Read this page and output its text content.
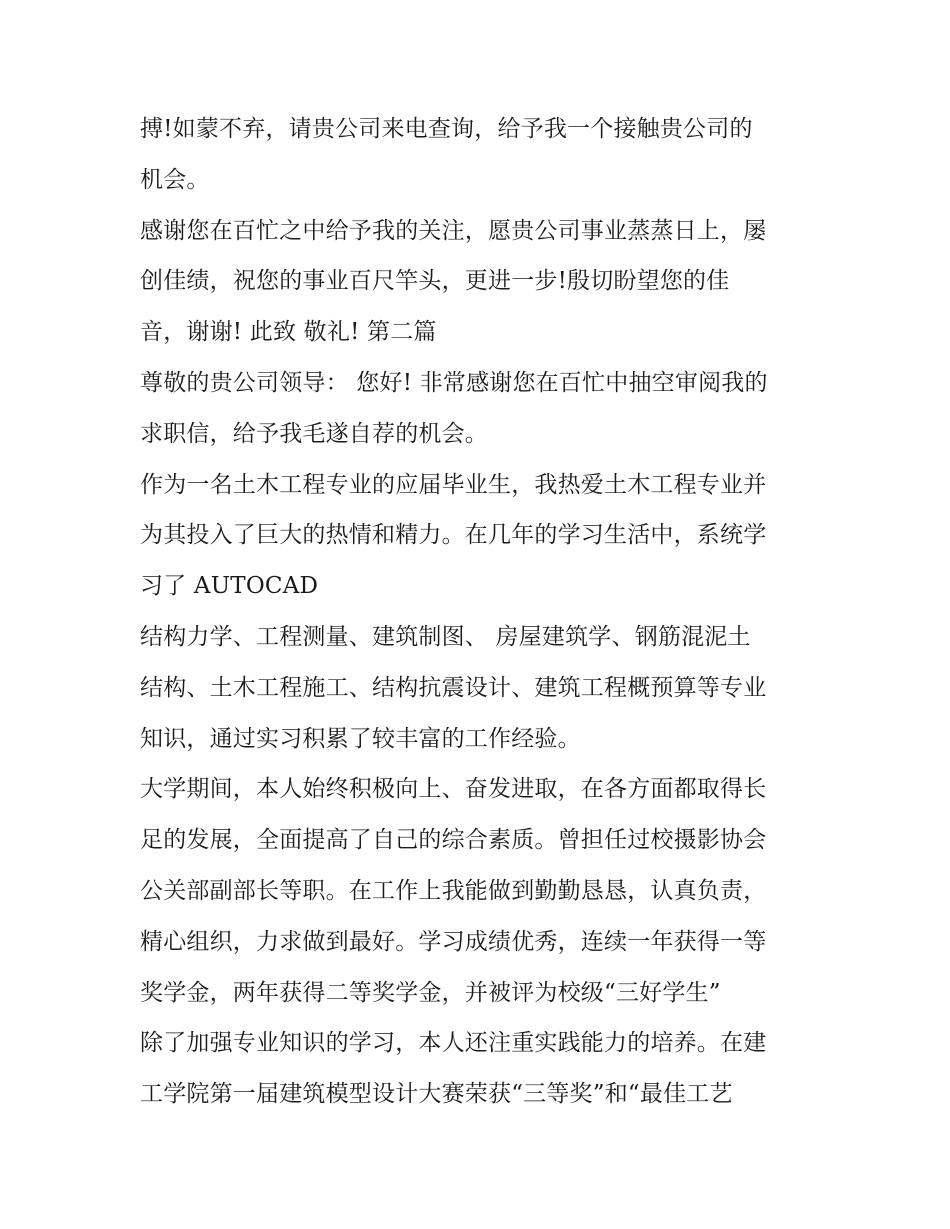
搏!如蒙不弃，请贵公司来电查询，给予我一个接触贵公司的
机会。
感谢您在百忙之中给予我的关注，愿贵公司事业蒸蒸日上，屡
创佳绩，祝您的事业百尺竿头，更进一步!殷切盼望您的佳
音，谢谢! 此致 敬礼! 第二篇
尊敬的贵公司领导： 您好! 非常感谢您在百忙中抽空审阅我的
求职信，给予我毛遂自荐的机会。
作为一名土木工程专业的应届毕业生，我热爱土木工程专业并
为其投入了巨大的热情和精力。在几年的学习生活中，系统学
习了 AUTOCAD
结构力学、工程测量、建筑制图、 房屋建筑学、钢筋混泥土
结构、土木工程施工、结构抗震设计、建筑工程概预算等专业
知识，通过实习积累了较丰富的工作经验。
大学期间，本人始终积极向上、奋发进取，在各方面都取得长
足的发展，全面提高了自己的综合素质。曾担任过校摄影协会
公关部副部长等职。在工作上我能做到勤勤恳恳，认真负责，
精心组织，力求做到最好。学习成绩优秀，连续一年获得一等
奖学金，两年获得二等奖学金，并被评为校级“三好学生”
除了加强专业知识的学习，本人还注重实践能力的培养。在建
工学院第一届建筑模型设计大赛荣获“三等奖”和“最佳工艺
